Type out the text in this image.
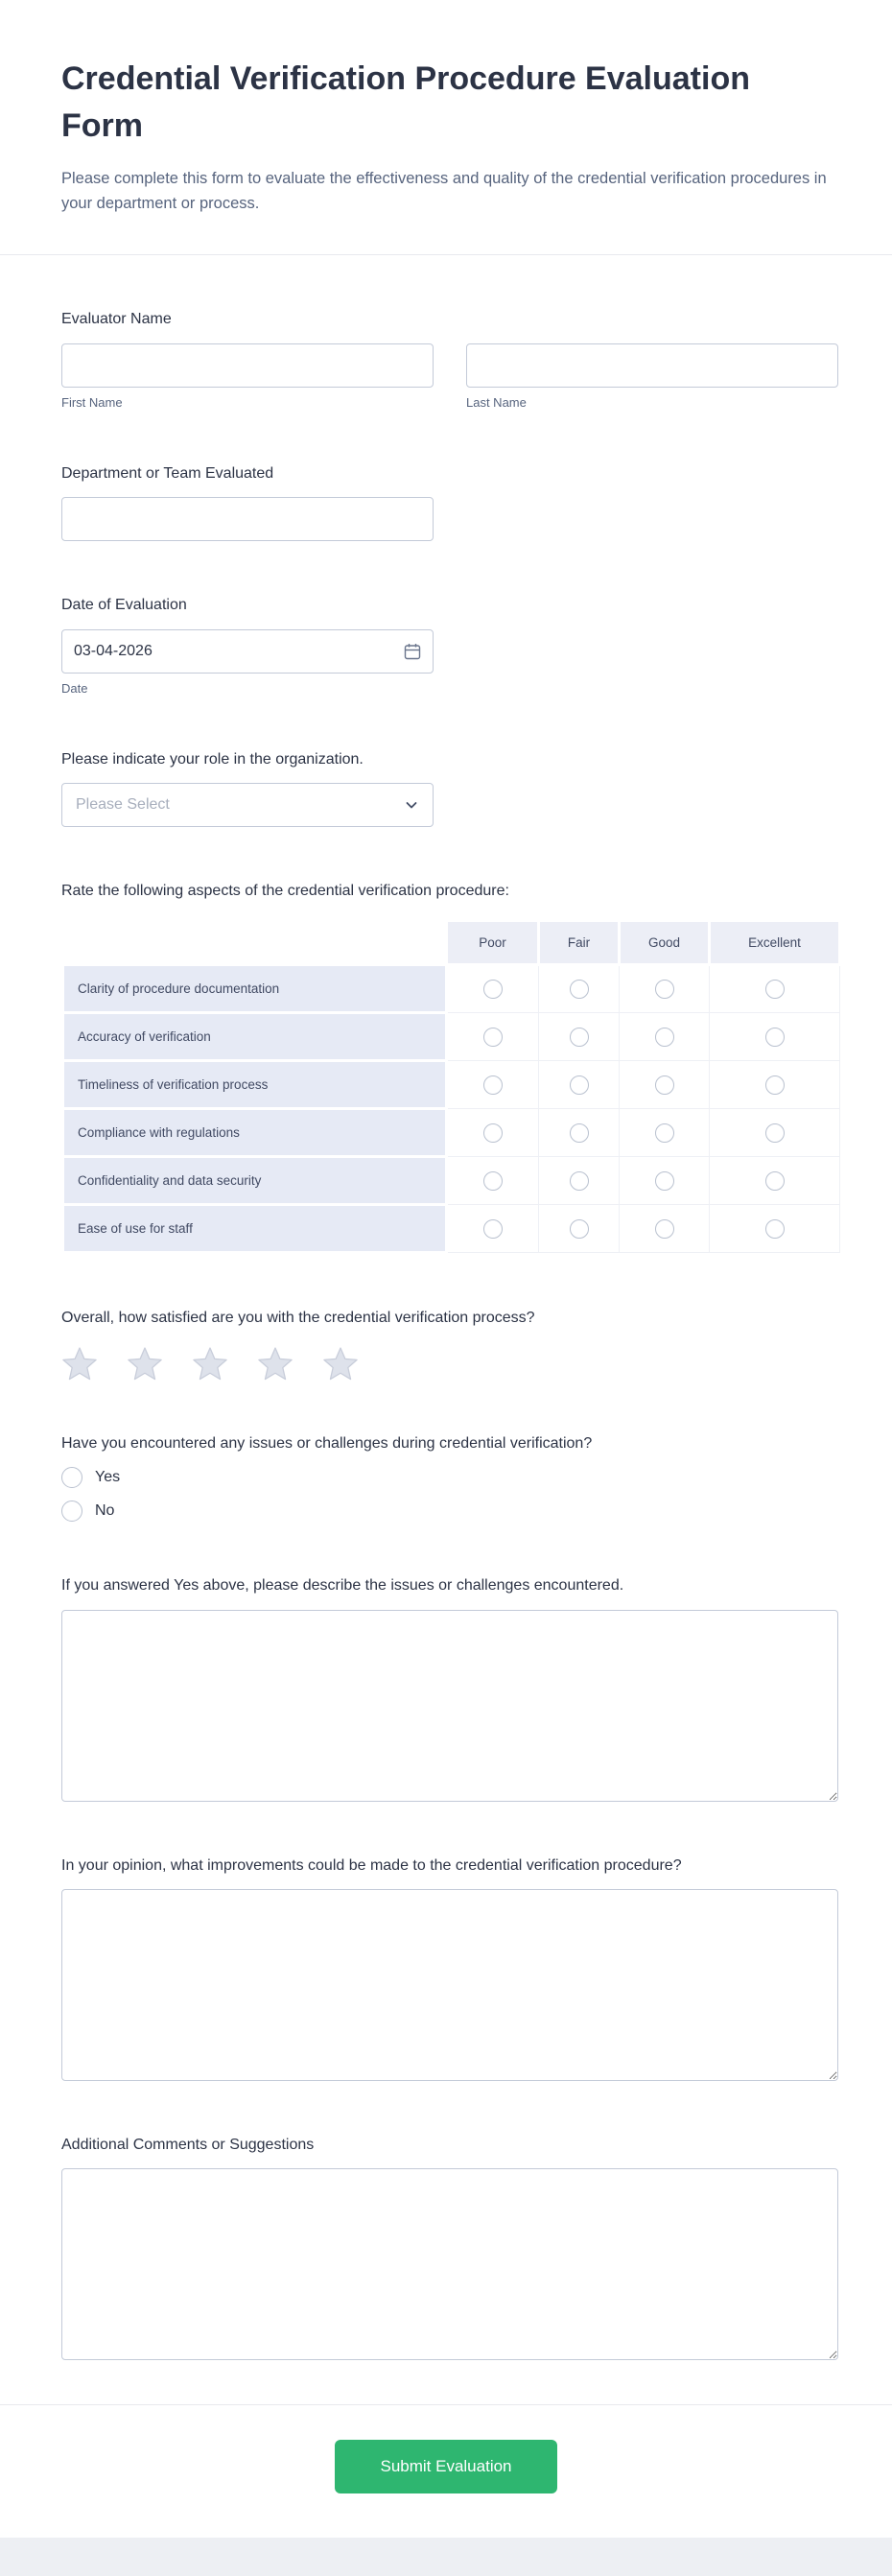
Credential Verification Procedure Evaluation Form

Please complete this form to evaluate the effectiveness and quality of the credential verification procedures in your department or process.

Evaluator Name
First Name	Last Name
Department or Team Evaluated
Date of Evaluation
03-04-2026
Date
Please indicate your role in the organization.
Please Select
Rate the following aspects of the credential verification procedure:
	Poor	Fair	Good	Excellent
Clarity of procedure documentation				
Accuracy of verification				
Timeliness of verification process				
Compliance with regulations				
Confidentiality and data security				
Ease of use for staff				
Overall, how satisfied are you with the credential verification process?
Have you encountered any issues or challenges during credential verification?
Yes
No
If you answered Yes above, please describe the issues or challenges encountered.
In your opinion, what improvements could be made to the credential verification procedure?
Additional Comments or Suggestions
Submit Evaluation
